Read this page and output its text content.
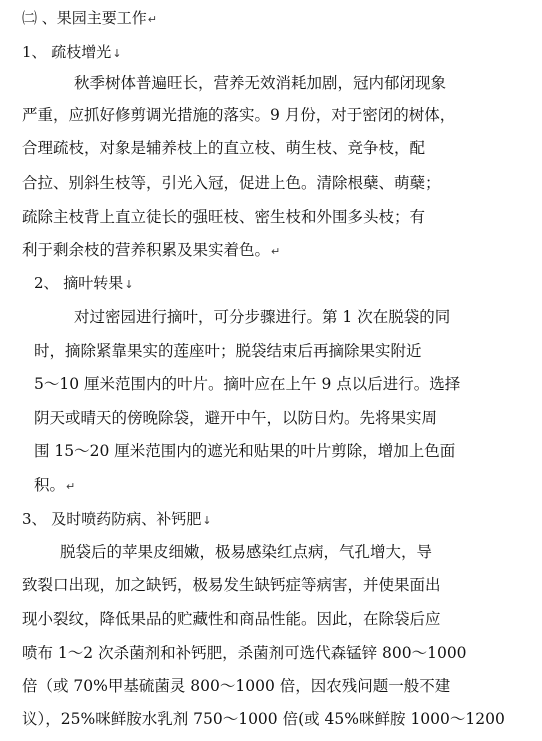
㈡ 、果园主要工作↵
1、 疏枝增光↓
秋季树体普遍旺长，营养无效消耗加剧，冠内郁闭现象
严重，应抓好修剪调光措施的落实。9 月份，对于密闭的树体，
合理疏枝，对象是辅养枝上的直立枝、萌生枝、竞争枝，配
合拉、别斜生枝等，引光入冠，促进上色。清除根蘖、萌蘖；
疏除主枝背上直立徒长的强旺枝、密生枝和外围多头枝；有
利于剩余枝的营养积累及果实着色。↵
2、 摘叶转果↓
对过密园进行摘叶，可分步骤进行。第 1 次在脱袋的同
时，摘除紧靠果实的莲座叶；脱袋结束后再摘除果实附近
5～10 厘米范围内的叶片。摘叶应在上午 9 点以后进行。选择
阴天或晴天的傍晚除袋，避开中午，以防日灼。先将果实周
围 15～20 厘米范围内的遮光和贴果的叶片剪除，增加上色面
积。↵
3、 及时喷药防病、补钙肥↓
脱袋后的苹果皮细嫩，极易感染红点病，气孔增大，导
致裂口出现，加之缺钙，极易发生缺钙症等病害，并使果面出
现小裂纹，降低果品的贮藏性和商品性能。因此，在除袋后应
喷布 1～2 次杀菌剂和补钙肥，杀菌剂可选代森锰锌 800～1000
倍（或 70%甲基硫菌灵 800～1000 倍，因农残问题一般不建
议），25%咪鲜胺水乳剂 750～1000 倍(或 45%咪鲜胺 1000～1200
